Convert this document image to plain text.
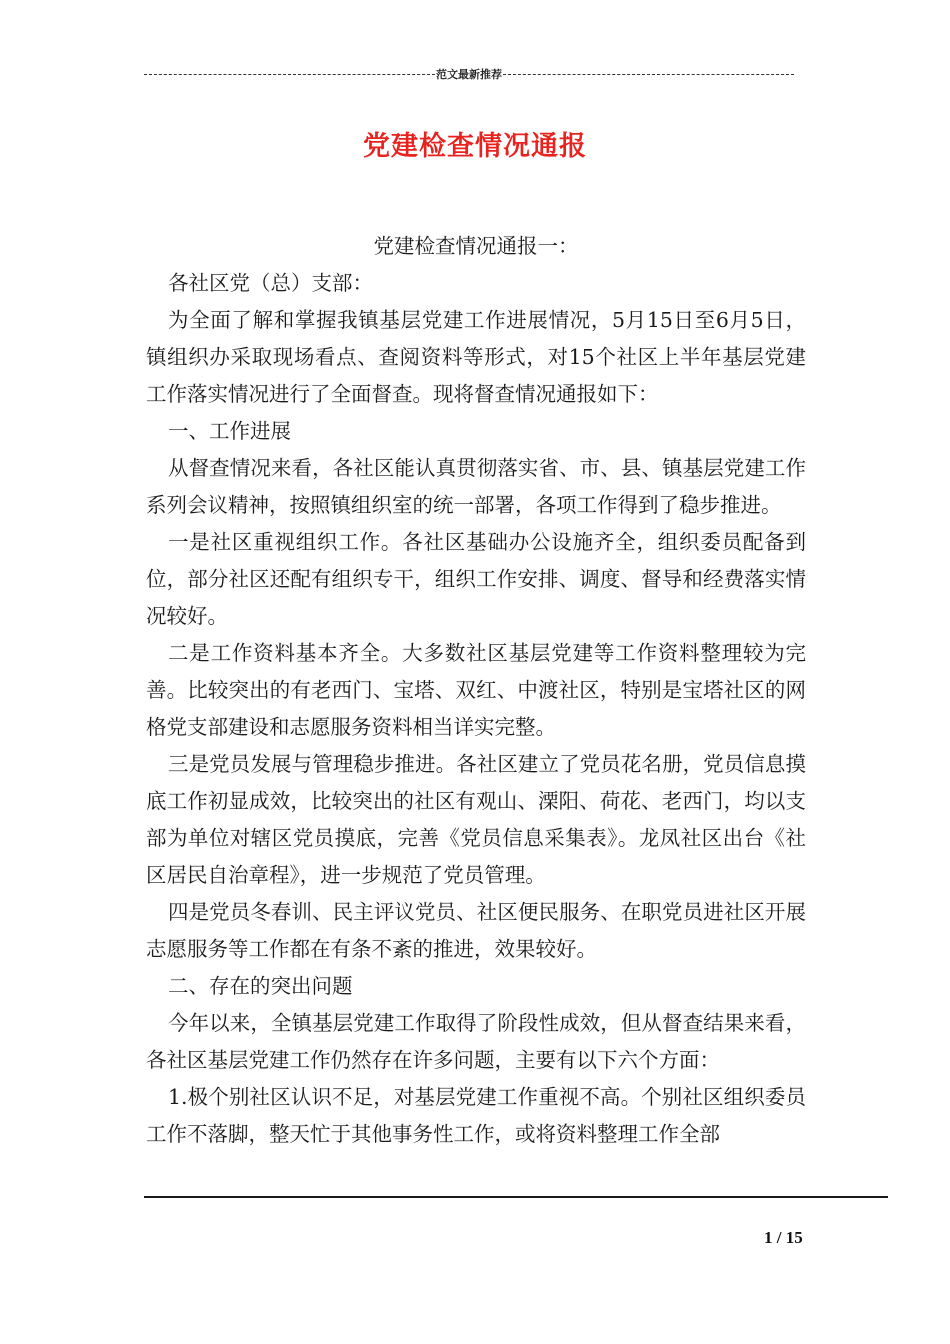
范文最新推荐
党建检查情况通报

党建检查情况通报一：

各社区党（总）支部：

为全面了解和掌握我镇基层党建工作进展情况，5月15日至6月5日，镇组织办采取现场看点、查阅资料等形式，对15个社区上半年基层党建工作落实情况进行了全面督查。现将督查情况通报如下：

一、工作进展

从督查情况来看，各社区能认真贯彻落实省、市、县、镇基层党建工作系列会议精神，按照镇组织室的统一部署，各项工作得到了稳步推进。

一是社区重视组织工作。各社区基础办公设施齐全，组织委员配备到位，部分社区还配有组织专干，组织工作安排、调度、督导和经费落实情况较好。

二是工作资料基本齐全。大多数社区基层党建等工作资料整理较为完善。比较突出的有老西门、宝塔、双红、中渡社区，特别是宝塔社区的网格党支部建设和志愿服务资料相当详实完整。

三是党员发展与管理稳步推进。各社区建立了党员花名册，党员信息摸底工作初显成效，比较突出的社区有观山、溧阳、荷花、老西门，均以支部为单位对辖区党员摸底，完善《党员信息采集表》。龙凤社区出台《社区居民自治章程》，进一步规范了党员管理。

四是党员冬春训、民主评议党员、社区便民服务、在职党员进社区开展志愿服务等工作都在有条不紊的推进，效果较好。

二、存在的突出问题

今年以来，全镇基层党建工作取得了阶段性成效，但从督查结果来看，各社区基层党建工作仍然存在许多问题，主要有以下六个方面：

1.极个别社区认识不足，对基层党建工作重视不高。个别社区组织委员工作不落脚，整天忙于其他事务性工作，或将资料整理工作全部

1 / 15
